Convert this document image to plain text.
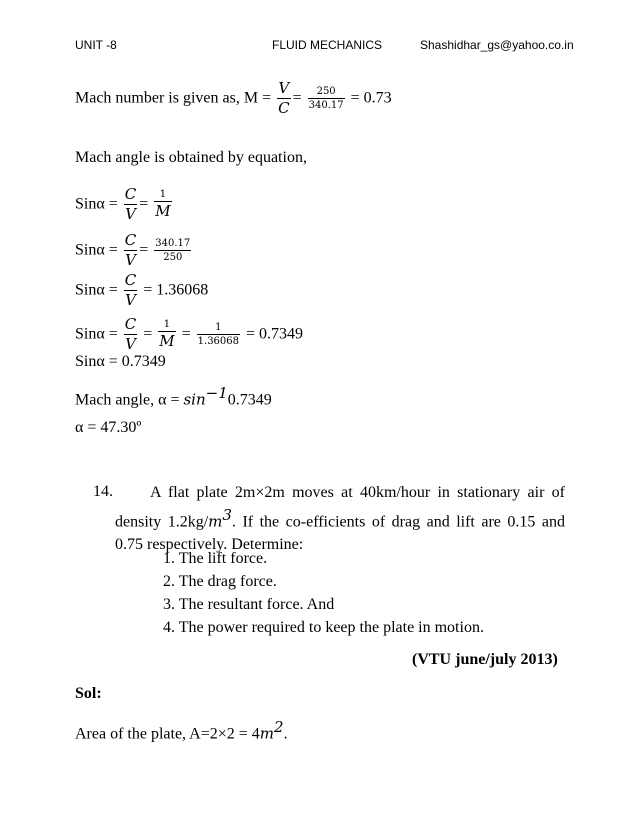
UNIT -8	FLUID MECHANICS	Shashidhar_gs@yahoo.co.in
Mach number is given as, $M = \frac{V}{C} = \frac{250}{340.17} = 0.73$
Mach angle is obtained by equation,
$Sin\alpha = \frac{C}{V} = \frac{1}{M}$
$Sin\alpha = \frac{C}{V} = \frac{340.17}{250}$
$Sin\alpha = \frac{C}{V} = 1.36068$
$Sin\alpha = \frac{C}{V} = \frac{1}{M} = \frac{1}{1.36068} = 0.7349$
Sinα = 0.7349
Mach angle, $\alpha = \sin^{-1}0.7349$
α = 47.30º
14.	A flat plate 2m×2m moves at 40km/hour in stationary air of density $1.2kg/m^3$. If the co-efficients of drag and lift are 0.15 and 0.75 respectively. Determine:
1. The lift force.
2. The drag force.
3. The resultant force. And
4. The power required to keep the plate in motion.
(VTU june/july 2013)
Sol:
Area of the plate, $A=2\times 2 = 4m^2$.
